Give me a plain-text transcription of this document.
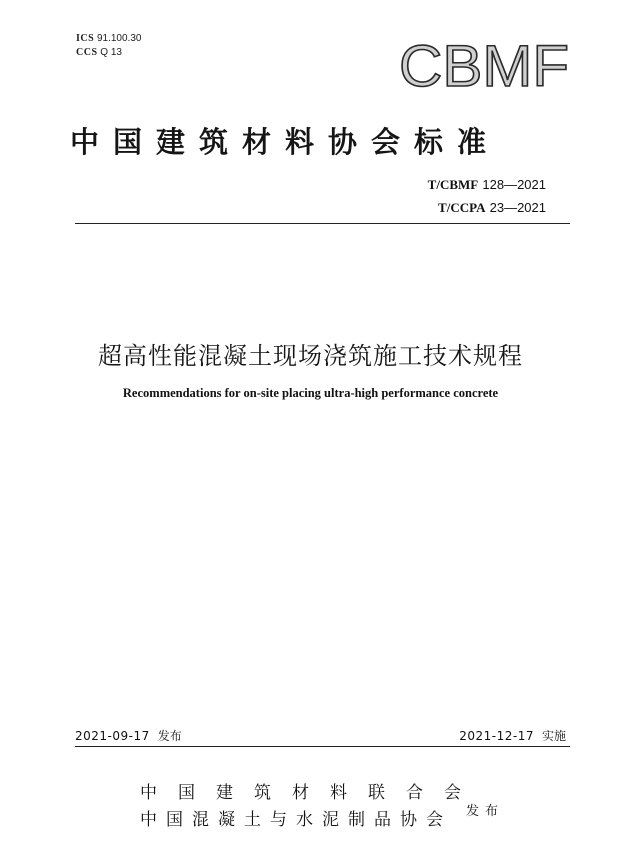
ICS 91.100.30
CCS Q 13	CBMF
中国建筑材料协会标准
T/CBMF 128—2021
T/CCPA 23—2021
超高性能混凝土现场浇筑施工技术规程
Recommendations for on-site placing ultra-high performance concrete
2021-09-17 发布	2021-12-17 实施
中国建筑材料联合会
中国混凝土与水泥制品协会	发布
